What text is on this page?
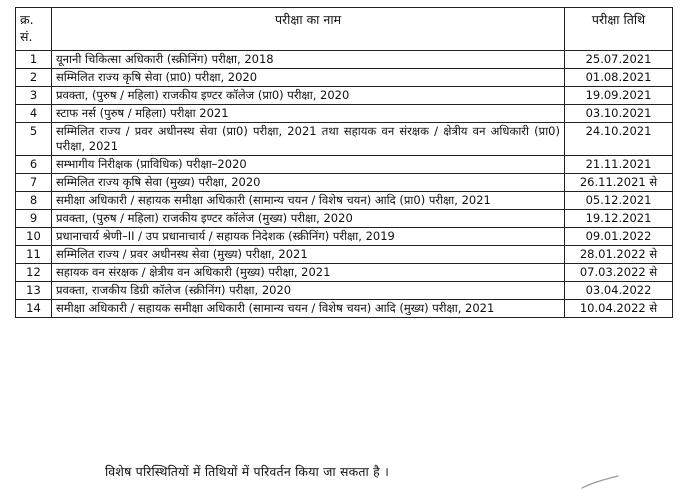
क्र. सं.	परीक्षा का नाम	परीक्षा तिथि
1	यूनानी चिकित्सा अधिकारी (स्क्रीनिंग) परीक्षा, 2018	25.07.2021
2	सम्मिलित राज्य कृषि सेवा (प्रा0) परीक्षा, 2020	01.08.2021
3	प्रवक्ता, (पुरुष / महिला) राजकीय इण्टर कॉलेज (प्रा0) परीक्षा, 2020	19.09.2021
4	स्टाफ नर्स (पुरुष / महिला) परीक्षा 2021	03.10.2021
5	सम्मिलित राज्य / प्रवर अधीनस्थ सेवा (प्रा0) परीक्षा, 2021 तथा सहायक वन संरक्षक / क्षेत्रीय वन अधिकारी (प्रा0) परीक्षा, 2021	24.10.2021
6	सम्भागीय निरीक्षक (प्राविधिक) परीक्षा–2020	21.11.2021
7	सम्मिलित राज्य कृषि सेवा (मुख्य) परीक्षा, 2020	26.11.2021 से
8	समीक्षा अधिकारी / सहायक समीक्षा अधिकारी (सामान्य चयन / विशेष चयन) आदि (प्रा0) परीक्षा, 2021	05.12.2021
9	प्रवक्ता, (पुरुष / महिला) राजकीय इण्टर कॉलेज (मुख्य) परीक्षा, 2020	19.12.2021
10	प्रधानाचार्य श्रेणी–II / उप प्रधानाचार्य / सहायक निदेशक (स्क्रीनिंग) परीक्षा, 2019	09.01.2022
11	सम्मिलित राज्य / प्रवर अधीनस्थ सेवा (मुख्य) परीक्षा, 2021	28.01.2022 से
12	सहायक वन संरक्षक / क्षेत्रीय वन अधिकारी (मुख्य) परीक्षा, 2021	07.03.2022 से
13	प्रवक्ता, राजकीय डिग्री कॉलेज (स्क्रीनिंग) परीक्षा, 2020	03.04.2022
14	समीक्षा अधिकारी / सहायक समीक्षा अधिकारी (सामान्य चयन / विशेष चयन) आदि (मुख्य) परीक्षा, 2021	10.04.2022 से
विशेष परिस्थितियों में तिथियों में परिवर्तन किया जा सकता है ।
